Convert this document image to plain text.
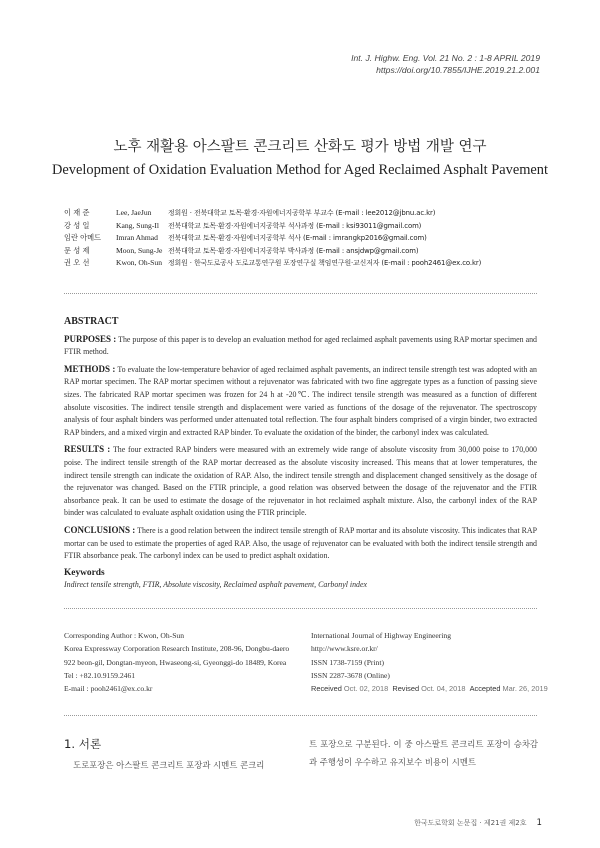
Int. J. Highw. Eng. Vol. 21 No. 2 : 1-8 APRIL 2019
https://doi.org/10.7855/IJHE.2019.21.2.001
노후 재활용 아스팔트 콘크리트 산화도 평가 방법 개발 연구
Development of Oxidation Evaluation Method for Aged Reclaimed Asphalt Pavement
이 재 준	Lee, JaeJun	정회원 · 전북대학교 토목·환경·자원에너지공학부 부교수 (E-mail : lee2012@jbnu.ac.kr)
강 성 일	Kang, Sung-Il	전북대학교 토목·환경·자원에너지공학부 석사과정 (E-mail : ksi93011@gmail.com)
임란 아메드	Imran Ahmad	전북대학교 토목·환경·자원에너지공학부 석사 (E-mail : imrangkp2016@gmail.com)
문 성 제	Moon, Sung-Je 전북대학교 토목·환경·자원에너지공학부 박사과정 (E-mail : ansjdwp@gmail.com)
권 오 선	Kwon, Oh-Sun 정회원 · 한국도로공사 도로교통연구원 포장연구실 책임연구원·교신저자 (E-mail : pooh2461@ex.co.kr)
ABSTRACT

PURPOSES : The purpose of this paper is to develop an evaluation method for aged reclaimed asphalt pavements using RAP mortar specimen and FTIR method.

METHODS : To evaluate the low-temperature behavior of aged reclaimed asphalt pavements, an indirect tensile strength test was adopted with an RAP mortar specimen. The RAP mortar specimen without a rejuvenator was fabricated with two fine aggregate types as a function of passing sieve sizes. The fabricated RAP mortar specimen was frozen for 24 h at -20℃. The indirect tensile strength was measured as a function of different absolute viscosities. The indirect tensile strength and displacement were varied as functions of the dosage of the rejuvenator. The spectroscopy analysis of four asphalt binders was performed under attenuated total reflection. The four asphalt binders comprised of a virgin binder, two extracted RAP binders, and a mixed virgin and extracted RAP binder. To evaluate the oxidation of the binder, the carbonyl index was calculated.

RESULTS : The four extracted RAP binders were measured with an extremely wide range of absolute viscosity from 30,000 poise to 170,000 poise. The indirect tensile strength of the RAP mortar decreased as the absolute viscosity increased. This means that at lower temperatures, the indirect tensile strength can indicate the oxidation of RAP. Also, the indirect tensile strength and displacement changed sensitively as the dosage of the rejuvenator was changed. Based on the FTIR principle, a good relation was observed between the dosage of the rejuvenator and the FTIR absorbance peak. It can be used to estimate the dosage of the rejuvenator in hot reclaimed asphalt mixture. Also, the carbonyl index of the RAP binder was calculated to evaluate asphalt oxidation using the FTIR principle.

CONCLUSIONS : There is a good relation between the indirect tensile strength of RAP mortar and its absolute viscosity. This indicates that RAP mortar can be used to estimate the properties of aged RAP. Also, the usage of rejuvenator can be evaluated with both the indirect tensile strength and FTIR absorbance peak. The carbonyl index can be used to predict asphalt oxidation.

Keywords
Indirect tensile strength, FTIR, Absolute viscosity, Reclaimed asphalt pavement, Carbonyl index
Corresponding Author : Kwon, Oh-Sun
Korea Expressway Corporation Research Institute, 208-96, Dongbu-daero
922 beon-gil, Dongtan-myeon, Hwaseong-si, Gyeonggi-do 18489, Korea
Tel : +82.10.9159.2461
E-mail : pooh2461@ex.co.kr
International Journal of Highway Engineering
http://www.ksre.or.kr/
ISSN 1738-7159 (Print)
ISSN 2287-3678 (Online)
Received Oct. 02, 2018 Revised Oct. 04, 2018 Accepted Mar. 26, 2019
1. 서론
도로포장은 아스팔트 콘크리트 포장과 시멘트 콘크리
트 포장으로 구분된다. 이 중 아스팔트 콘크리트 포장이 승차감과 주행성이 우수하고 유지보수 비용이 시멘트
한국도로학회 논문집 · 제21권 제2호 1
